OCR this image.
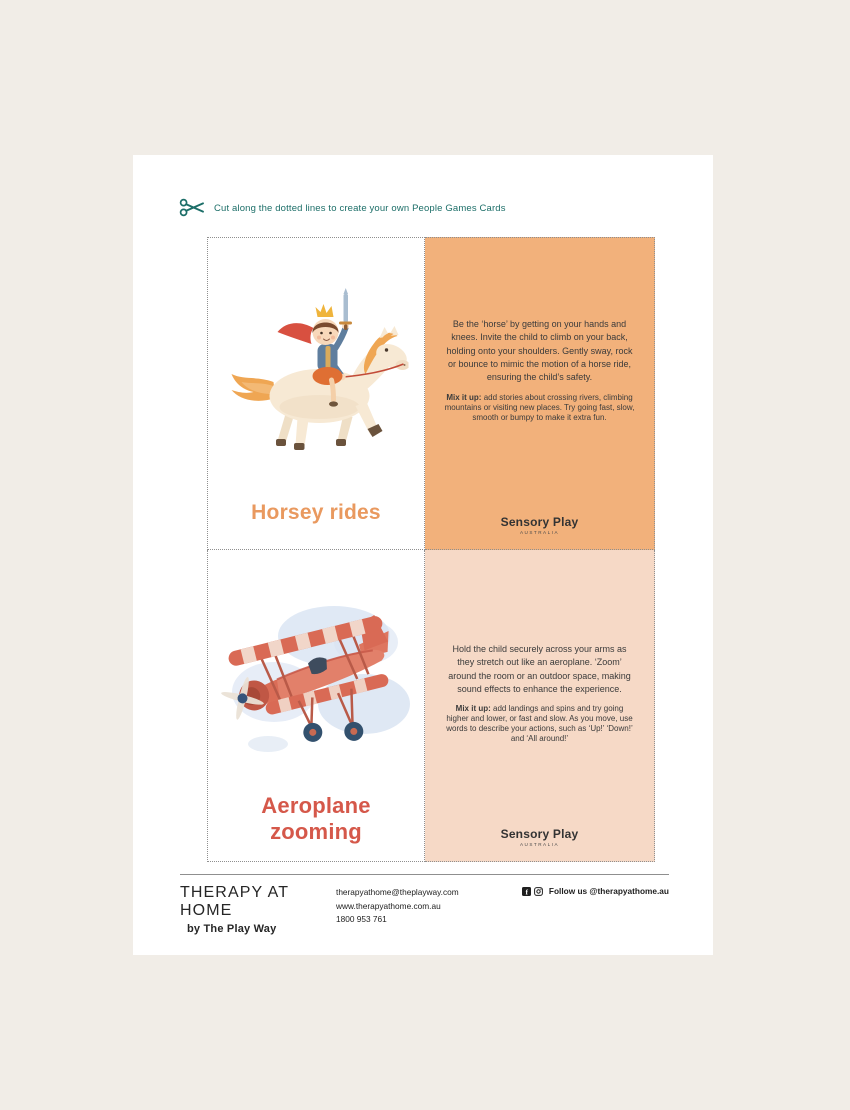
Cut along the dotted lines to create your own People Games Cards
Horsey rides

Be the ‘horse’ by getting on your hands and knees. Invite the child to climb on your back, holding onto your shoulders. Gently sway, rock or bounce to mimic the motion of a horse ride, ensuring the child’s safety.

Mix it up: add stories about crossing rivers, climbing mountains or visiting new places. Try going fast, slow, smooth or bumpy to make it extra fun.

Sensory Play
AUSTRALIA
Aeroplane zooming

Hold the child securely across your arms as they stretch out like an aeroplane. ‘Zoom’ around the room or an outdoor space, making sound effects to enhance the experience.

Mix it up: add landings and spins and try going higher and lower, or fast and slow. As you move, use words to describe your actions, such as ‘Up!’ ‘Down!’ and ‘All around!’

Sensory Play
AUSTRALIA
THERAPY AT HOME
by The Play Way
therapyathome@theplayway.com
www.therapyathome.com.au
1800 953 761
f	Follow us @therapyathome.au
